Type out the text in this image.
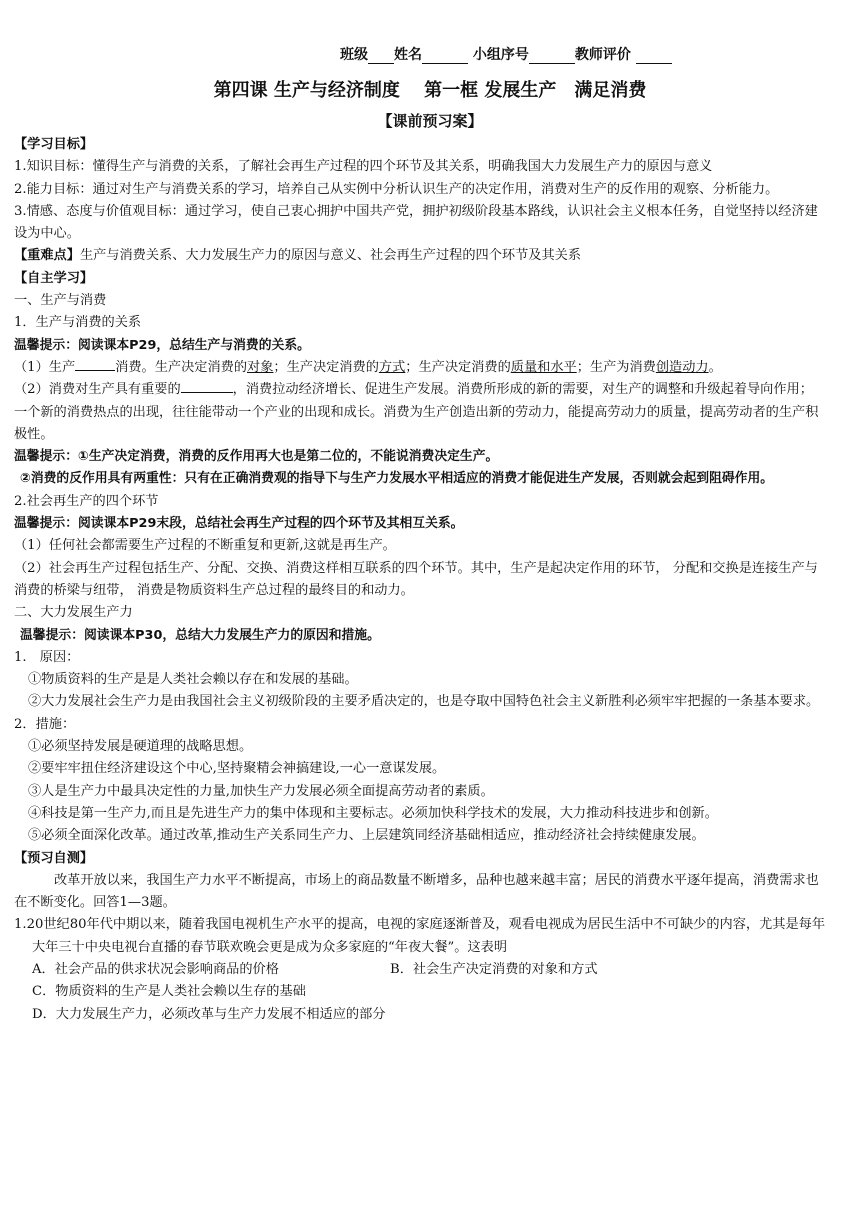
班级 姓名	小组序号	教师评价
第四课 生产与经济制度　 第一框 发展生产　满足消费
【课前预习案】

【学习目标】

1.知识目标：懂得生产与消费的关系，了解社会再生产过程的四个环节及其关系，明确我国大力发展生产力的原因与意义

2.能力目标：通过对生产与消费关系的学习，培养自己从实例中分析认识生产的决定作用，消费对生产的反作用的观察、分析能力。

3.情感、态度与价值观目标：通过学习，使自己衷心拥护中国共产党，拥护初级阶段基本路线，认识社会主义根本任务，自觉坚持以经济建设为中心。

【重难点】生产与消费关系、大力发展生产力的原因与意义、社会再生产过程的四个环节及其关系

【自主学习】

一、生产与消费

1．生产与消费的关系

温馨提示：阅读课本P29，总结生产与消费的关系。

（1）生产	消费。生产决定消费的对象；生产决定消费的方式；生产决定消费的质量和水平；生产为消费创造动力。

（2）消费对生产具有重要的	，消费拉动经济增长、促进生产发展。消费所形成的新的需要，对生产的调整和升级起着导向作用；一个新的消费热点的出现，往往能带动一个产业的出现和成长。消费为生产创造出新的劳动力，能提高劳动力的质量，提高劳动者的生产积极性。

温馨提示：①生产决定消费，消费的反作用再大也是第二位的，不能说消费决定生产。

②消费的反作用具有两重性：只有在正确消费观的指导下与生产力发展水平相适应的消费才能促进生产发展，否则就会起到阻碍作用。

2.社会再生产的四个环节

温馨提示：阅读课本P29末段，总结社会再生产过程的四个环节及其相互关系。

（1）任何社会都需要生产过程的不断重复和更新,这就是再生产。

（2）社会再生产过程包括生产、分配、交换、消费这样相互联系的四个环节。其中，生产是起决定作用的环节， 分配和交换是连接生产与消费的桥梁与纽带， 消费是物质资料生产总过程的最终目的和动力。

二、大力发展生产力

温馨提示：阅读课本P30，总结大力发展生产力的原因和措施。

1.　原因：

①物质资料的生产是是人类社会赖以存在和发展的基础。

②大力发展社会生产力是由我国社会主义初级阶段的主要矛盾决定的，也是夺取中国特色社会主义新胜利必须牢牢把握的一条基本要求。

2．措施：

①必须坚持发展是硬道理的战略思想。

②要牢牢扭住经济建设这个中心,坚持聚精会神搞建设,一心一意谋发展。

③人是生产力中最具决定性的力量,加快生产力发展必须全面提高劳动者的素质。

④科技是第一生产力,而且是先进生产力的集中体现和主要标志。必须加快科学技术的发展，大力推动科技进步和创新。

⑤必须全面深化改革。通过改革,推动生产关系同生产力、上层建筑同经济基础相适应，推动经济社会持续健康发展。

【预习自测】

改革开放以来，我国生产力水平不断提高，市场上的商品数量不断增多，品种也越来越丰富；居民的消费水平逐年提高，消费需求也在不断变化。回答1—3题。

1.20世纪80年代中期以来，随着我国电视机生产水平的提高，电视的家庭逐渐普及，观看电视成为居民生活中不可缺少的内容，尤其是每年大年三十中央电视台直播的春节联欢晚会更是成为众多家庭的“年夜大餐”。这表明

A．社会产品的供求状况会影响商品的价格	B．社会生产决定消费的对象和方式

C．物质资料的生产是人类社会赖以生存的基础

D．大力发展生产力，必须改革与生产力发展不相适应的部分
